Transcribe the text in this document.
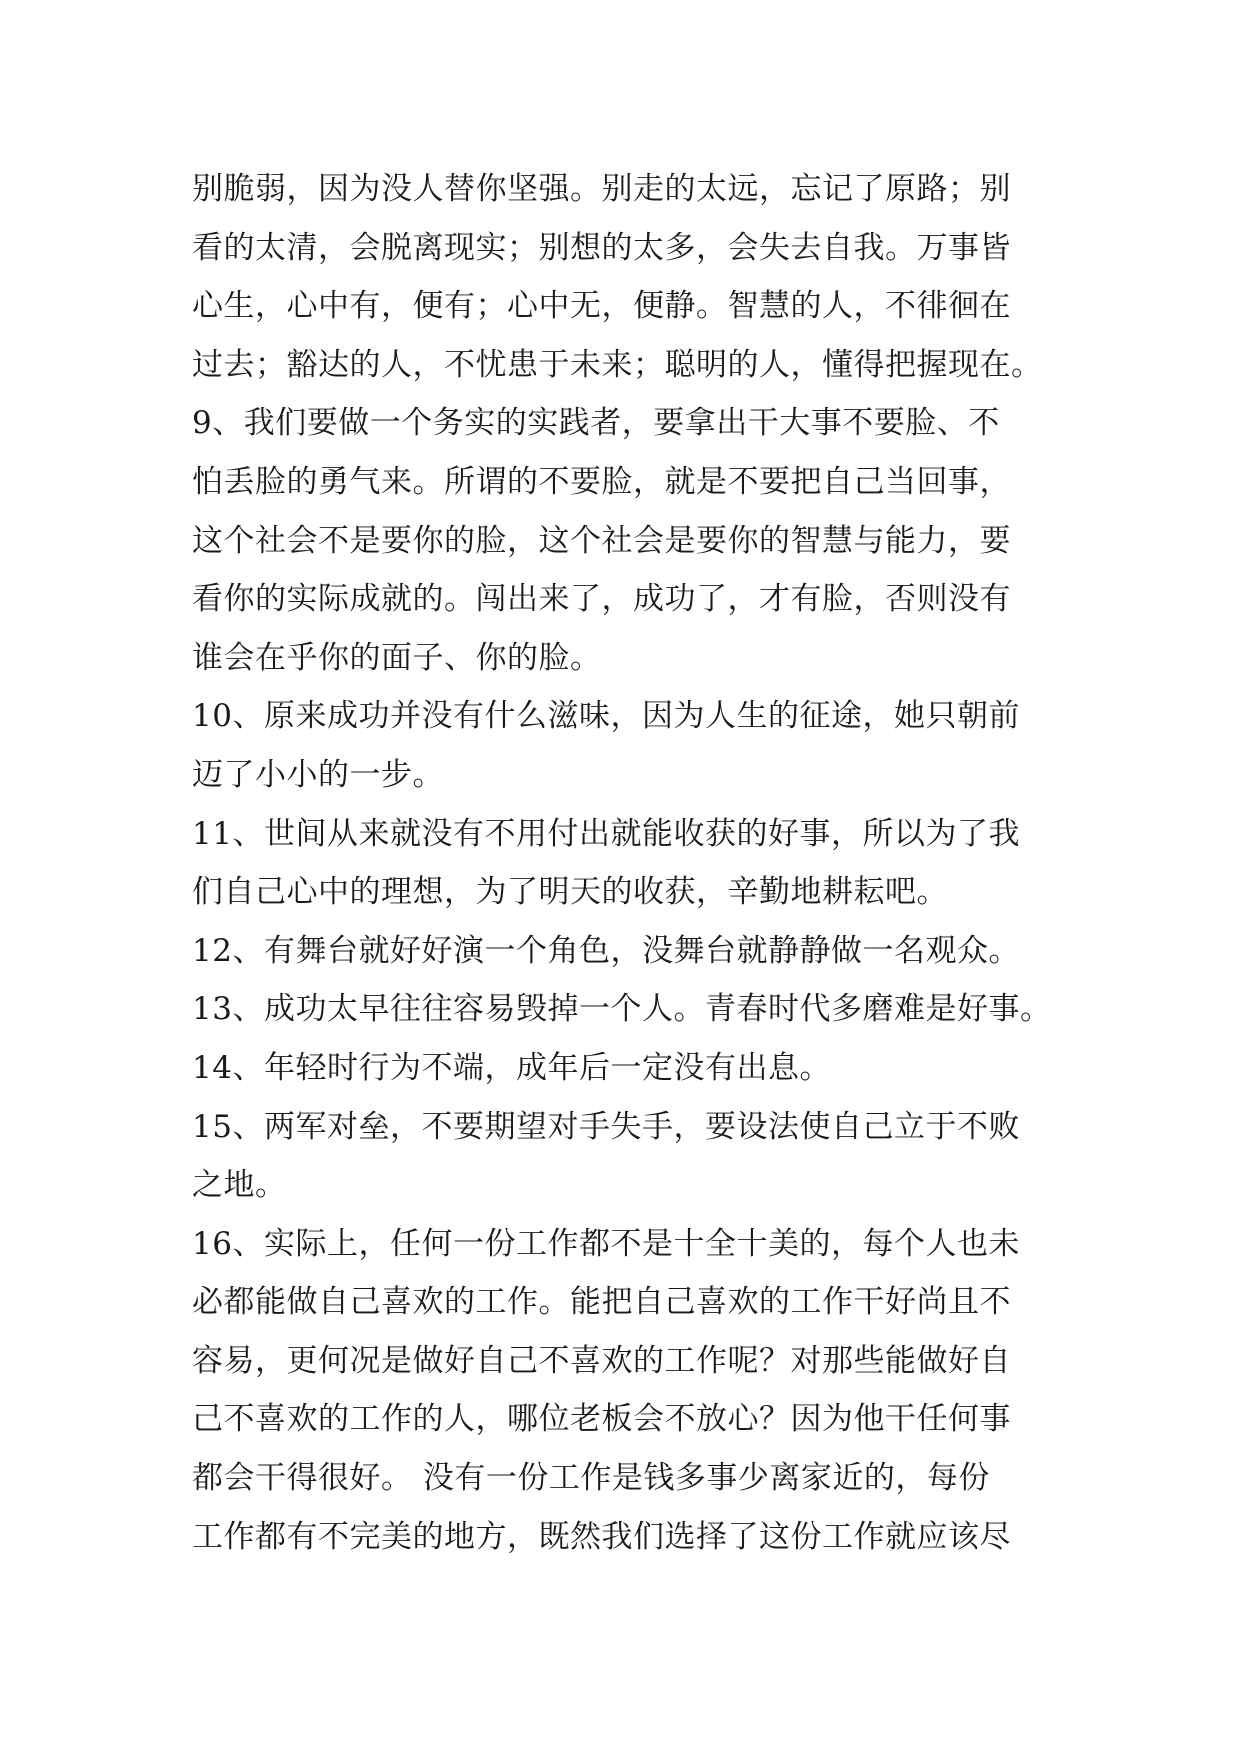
别脆弱，因为没人替你坚强。别走的太远，忘记了原路；别
看的太清，会脱离现实；别想的太多，会失去自我。万事皆
心生，心中有，便有；心中无，便静。智慧的人，不徘徊在
过去；豁达的人，不忧患于未来；聪明的人，懂得把握现在。
9、我们要做一个务实的实践者，要拿出干大事不要脸、不
怕丢脸的勇气来。所谓的不要脸，就是不要把自己当回事，
这个社会不是要你的脸，这个社会是要你的智慧与能力，要
看你的实际成就的。闯出来了，成功了，才有脸，否则没有
谁会在乎你的面子、你的脸。
10、原来成功并没有什么滋味，因为人生的征途，她只朝前
迈了小小的一步。
11、世间从来就没有不用付出就能收获的好事，所以为了我
们自己心中的理想，为了明天的收获，辛勤地耕耘吧。
12、有舞台就好好演一个角色，没舞台就静静做一名观众。
13、成功太早往往容易毁掉一个人。青春时代多磨难是好事。
14、年轻时行为不端，成年后一定没有出息。
15、两军对垒，不要期望对手失手，要设法使自己立于不败
之地。
16、实际上，任何一份工作都不是十全十美的，每个人也未
必都能做自己喜欢的工作。能把自己喜欢的工作干好尚且不
容易，更何况是做好自己不喜欢的工作呢？对那些能做好自
己不喜欢的工作的人，哪位老板会不放心？因为他干任何事
都会干得很好。 没有一份工作是钱多事少离家近的，每份
工作都有不完美的地方，既然我们选择了这份工作就应该尽
